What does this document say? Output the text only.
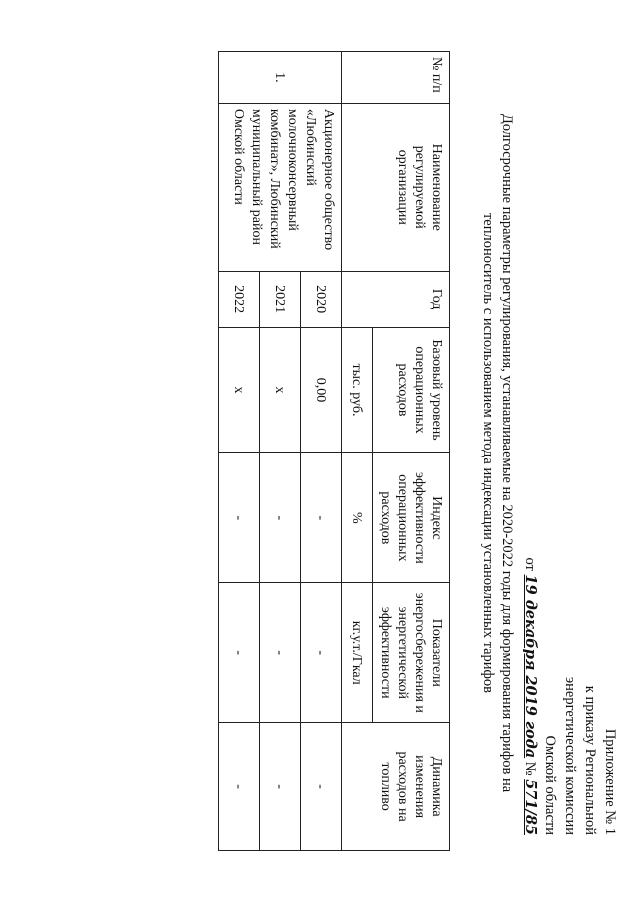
Приложение № 1
к приказу Региональной
энергетической комиссии
Омской области
от 19 декабря 2019 года № 571/85
Долгосрочные параметры регулирования, устанавливаемые на 2020-2022 годы для формирования тарифов на
теплоноситель с использованием метода индексации установленных тарифов
№ п/п	Наименование регулируемой организации	Год	Базовый уровень операционных расходов	Индекс эффективности операционных расходов	Показатели энергосбережения и энергетической эффективности	Динамика изменения расходов на топливо
			тыс. руб.	%	кг.у.т./Гкал	
1.	Акционерное общество «Любинский молочноконсервный комбинат», Любинский муниципальный район Омской области	2020	0,00	-	-	-
		2021	x	-	-	-
		2022	x	-	-	-
